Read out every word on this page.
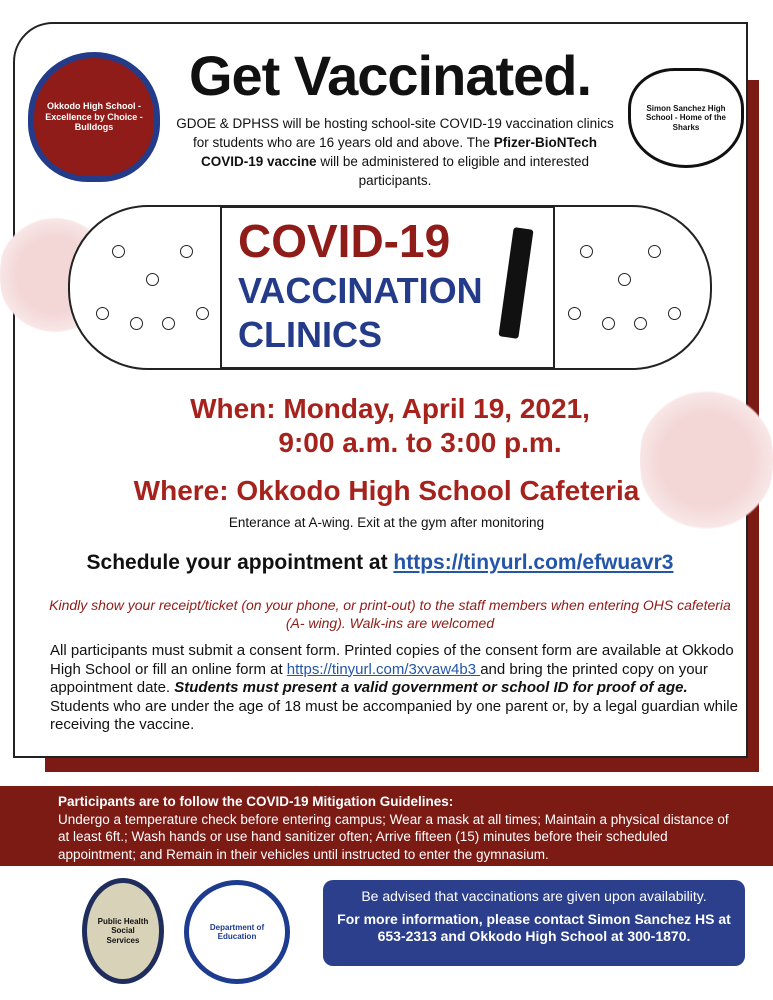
Okkodo High School - Excellence by Choice - Bulldogs
Simon Sanchez High School - Home of the Sharks
Get Vaccinated.
GDOE & DPHSS will be hosting school-site COVID-19 vaccination clinics for students who are 16 years old and above. The Pfizer-BioNTech COVID-19 vaccine will be administered to eligible and interested participants.
COVID-19
VACCINATION
CLINICS
When: Monday, April 19, 2021,
9:00 a.m. to 3:00 p.m.
Where: Okkodo High School Cafeteria
Enterance at A-wing. Exit at the gym after monitoring
Schedule your appointment at https://tinyurl.com/efwuavr3
Kindly show your receipt/ticket (on your phone, or print-out) to the staff members when entering OHS cafeteria (A- wing). Walk-ins are welcomed
All participants must submit a consent form. Printed copies of the consent form are available at Okkodo High School or fill an online form at https://tinyurl.com/3xvaw4b3 and bring the printed copy on your appointment date. Students must present a valid government or school ID for proof of age. Students who are under the age of 18 must be accompanied by one parent or, by a legal guardian while receiving the vaccine.
Participants are to follow the COVID-19 Mitigation Guidelines:
Undergo a temperature check before entering campus; Wear a mask at all times; Maintain a physical distance of at least 6ft.; Wash hands or use hand sanitizer often; Arrive fifteen (15) minutes before their scheduled appointment; and Remain in their vehicles until instructed to enter the gymnasium.
Public Health Social Services
Department of Education
Be advised that vaccinations are given upon availability.
For more information, please contact Simon Sanchez HS at 653-2313 and Okkodo High School at 300-1870.
